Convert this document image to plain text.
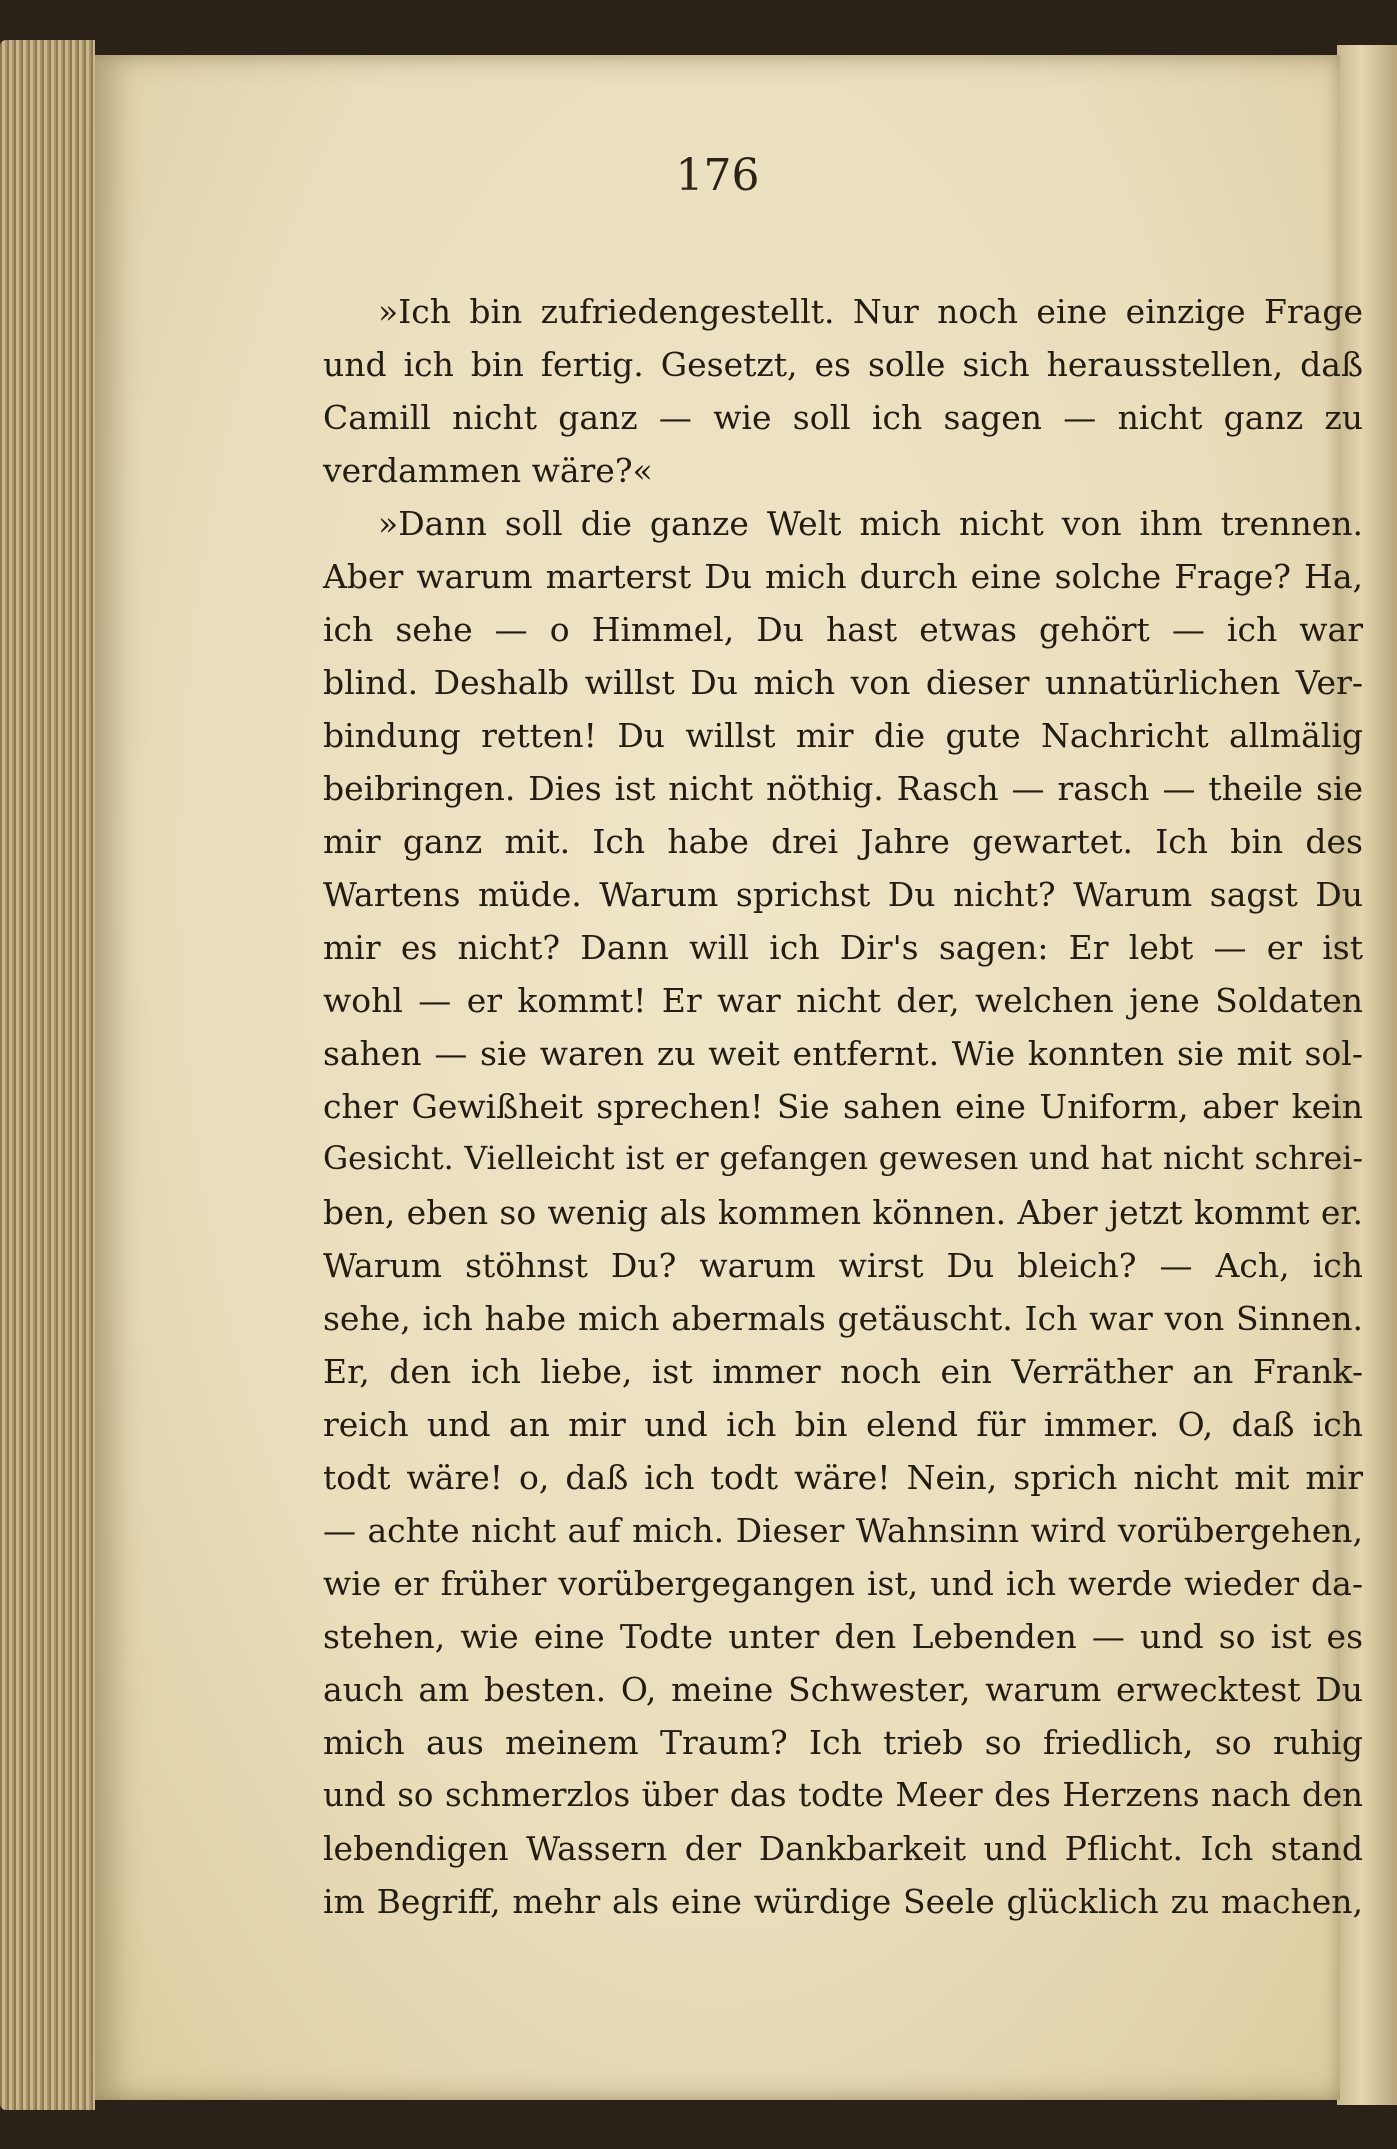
176
»Ich bin zufriedengestellt. Nur noch eine einzige Frage
und ich bin fertig. Gesetzt, es solle sich herausstellen, daß
Camill nicht ganz — wie soll ich sagen — nicht ganz zu
verdammen wäre?«
»Dann soll die ganze Welt mich nicht von ihm trennen.
Aber warum marterst Du mich durch eine solche Frage? Ha,
ich sehe — o Himmel, Du hast etwas gehört — ich war
blind. Deshalb willst Du mich von dieser unnatürlichen Ver-
bindung retten! Du willst mir die gute Nachricht allmälig
beibringen. Dies ist nicht nöthig. Rasch — rasch — theile sie
mir ganz mit. Ich habe drei Jahre gewartet. Ich bin des
Wartens müde. Warum sprichst Du nicht? Warum sagst Du
mir es nicht? Dann will ich Dir's sagen: Er lebt — er ist
wohl — er kommt! Er war nicht der, welchen jene Soldaten
sahen — sie waren zu weit entfernt. Wie konnten sie mit sol-
cher Gewißheit sprechen! Sie sahen eine Uniform, aber kein
Gesicht. Vielleicht ist er gefangen gewesen und hat nicht schrei-
ben, eben so wenig als kommen können. Aber jetzt kommt er.
Warum stöhnst Du? warum wirst Du bleich? — Ach, ich
sehe, ich habe mich abermals getäuscht. Ich war von Sinnen.
Er, den ich liebe, ist immer noch ein Verräther an Frank-
reich und an mir und ich bin elend für immer. O, daß ich
todt wäre! o, daß ich todt wäre! Nein, sprich nicht mit mir
— achte nicht auf mich. Dieser Wahnsinn wird vorübergehen,
wie er früher vorübergegangen ist, und ich werde wieder da-
stehen, wie eine Todte unter den Lebenden — und so ist es
auch am besten. O, meine Schwester, warum erwecktest Du
mich aus meinem Traum? Ich trieb so friedlich, so ruhig
und so schmerzlos über das todte Meer des Herzens nach den
lebendigen Wassern der Dankbarkeit und Pflicht. Ich stand
im Begriff, mehr als eine würdige Seele glücklich zu machen,
